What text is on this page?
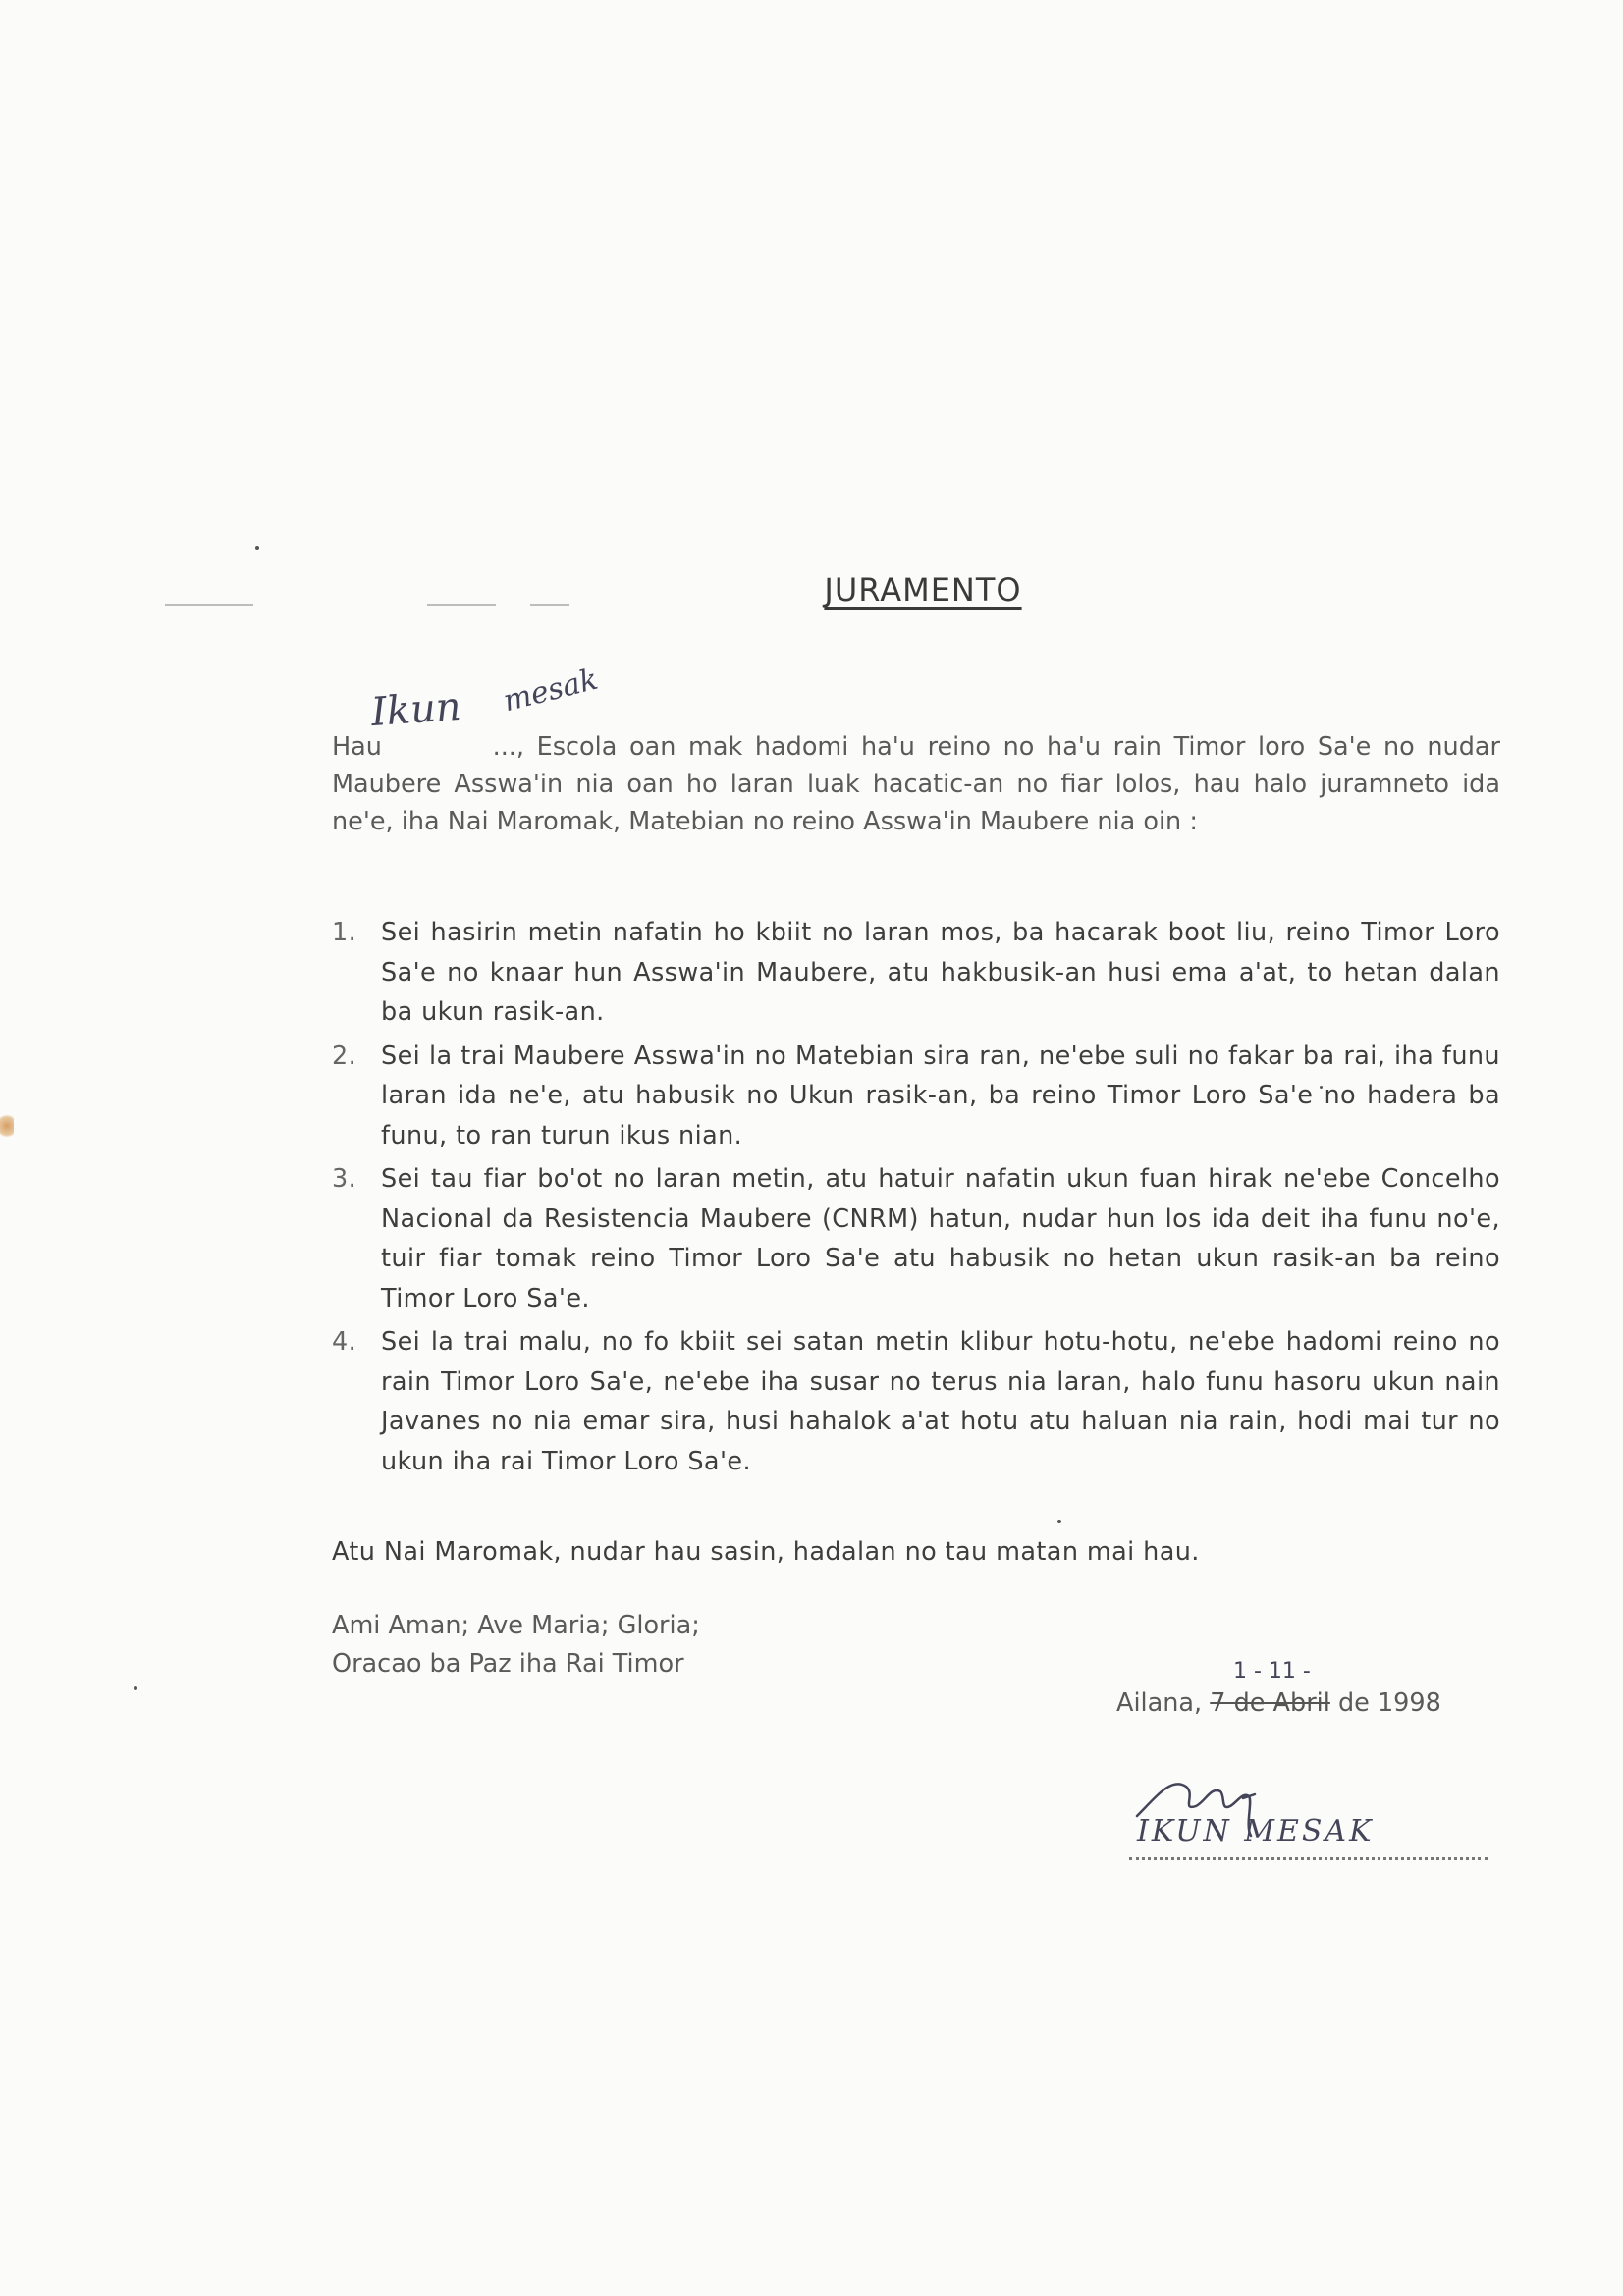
JURAMENTO
Ikun mesak

Hau	..., Escola oan mak hadomi ha'u reino no ha'u rain Timor loro Sa'e no nudar Maubere Asswa'in nia oan ho laran luak hacatic-an no fiar lolos, hau halo juramneto ida ne'e, iha Nai Maromak, Matebian no reino Asswa'in Maubere nia oin :

1. Sei hasirin metin nafatin ho kbiit no laran mos, ba hacarak boot liu, reino Timor Loro Sa'e no knaar hun Asswa'in Maubere, atu hakbusik-an husi ema a'at, to hetan dalan ba ukun rasik-an.
2. Sei la trai Maubere Asswa'in no Matebian sira ran, ne'ebe suli no fakar ba rai, iha funu laran ida ne'e, atu habusik no Ukun rasik-an, ba reino Timor Loro Sa'e no hadera ba funu, to ran turun ikus nian.
3. Sei tau fiar bo'ot no laran metin, atu hatuir nafatin ukun fuan hirak ne'ebe Concelho Nacional da Resistencia Maubere (CNRM) hatun, nudar hun los ida deit iha funu no'e, tuir fiar tomak reino Timor Loro Sa'e atu habusik no hetan ukun rasik-an ba reino Timor Loro Sa'e.
4. Sei la trai malu, no fo kbiit sei satan metin klibur hotu-hotu, ne'ebe hadomi reino no rain Timor Loro Sa'e, ne'ebe iha susar no terus nia laran, halo funu hasoru ukun nain Javanes no nia emar sira, husi hahalok a'at hotu atu haluan nia rain, hodi mai tur no ukun iha rai Timor Loro Sa'e.
Atu Nai Maromak, nudar hau sasin, hadalan no tau matan mai hau.
Ami Aman; Ave Maria; Gloria;
Oracao ba Paz iha Rai Timor	1 - 11 -
Ailana, 7 de Abril de 1998
IKUN MESAK
